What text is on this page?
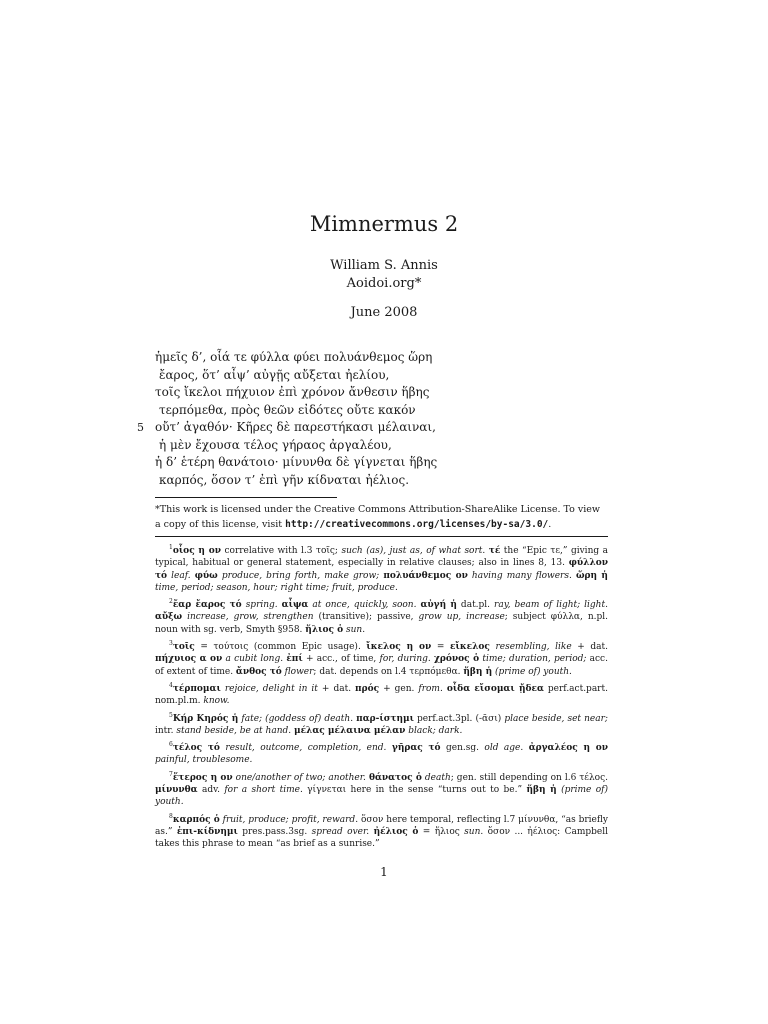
Mimnermus 2
William S. Annis
Aoidoi.org*
June 2008
ἡμεῖς δ’, οἷά τε φύλλα φύει πολυάνθεμος ὥρη
ἔαρος, ὅτ’ αἶψ’ αὐγῇς αὔξεται ἠελίου,
τοῖς ἴκελοι πήχυιον ἐπὶ χρόνον ἄνθεσιν ἥβης
τερπόμεθα, πρὸς θεῶν εἰδότες οὔτε κακόν
5 οὔτ’ ἀγαθόν· Κῆρες δὲ παρεστήκασι μέλαιναι,
ἡ μὲν ἔχουσα τέλος γήραος ἀργαλέου,
ἡ δ’ ἑτέρη θανάτοιο· μίνυνθα δὲ γίγνεται ἥβης
καρπός, ὅσον τ’ ἐπὶ γῆν κίδναται ἠέλιος.
*This work is licensed under the Creative Commons Attribution-ShareAlike License. To view a copy of this license, visit http://creativecommons.org/licenses/by-sa/3.0/.

$^1$οἷος η ον correlative with l.3 τοῖς; such (as), just as, of what sort. τέ the “Epic τε,” giving a typical, habitual or general statement, especially in relative clauses; also in lines 8, 13. φύλλον τό leaf. φύω produce, bring forth, make grow; πολυάνθεμος ον having many flowers. ὥρη ἡ time, period; season, hour; right time; fruit, produce.

$^2$ἔαρ ἔαρος τό spring. αἶψα at once, quickly, soon. αὐγή ἡ dat.pl. ray, beam of light; light. αὔξω increase, grow, strengthen (transitive); passive, grow up, increase; subject φύλλα, n.pl. noun with sg. verb, Smyth §958. ἥλιος ὁ sun.

$^3$τοῖς = τούτοις (common Epic usage). ἴκελος η ον = εἴκελος resembling, like + dat. πήχυιος α ον a cubit long. ἐπί + acc., of time, for, during. χρόνος ὁ time; duration, period; acc. of extent of time. ἄνθος τό flower; dat. depends on l.4 τερπόμεθα. ἥβη ἡ (prime of) youth.

$^4$τέρπομαι rejoice, delight in it + dat. πρός + gen. from. οἶδα εἴσομαι ᾔδεα perf.act.part. nom.pl.m. know.

$^5$Κήρ Κηρός ἡ fate; (goddess of) death. παρ-ίστημι perf.act.3pl. (-ᾱσι) place beside, set near; intr. stand beside, be at hand. μέλας μέλαινα μέλαν black; dark.

$^6$τέλος τό result, outcome, completion, end. γῆρας τό gen.sg. old age. ἀργαλέος η ον painful, troublesome.

$^7$ἕτερος η ον one/another of two; another. θάνατος ὁ death; gen. still depending on l.6 τέλος. μίνυνθα adv. for a short time. γίγνεται here in the sense “turns out to be.” ἥβη ἡ (prime of) youth.

$^8$καρπός ὁ fruit, produce; profit, reward. ὅσον here temporal, reflecting l.7 μίνυνθα, “as briefly as.” ἐπι-κίδνημι pres.pass.3sg. spread over. ἠέλιος ὁ = ἥλιος sun. ὅσον ... ἠέλιος: Campbell takes this phrase to mean “as brief as a sunrise.”

1
